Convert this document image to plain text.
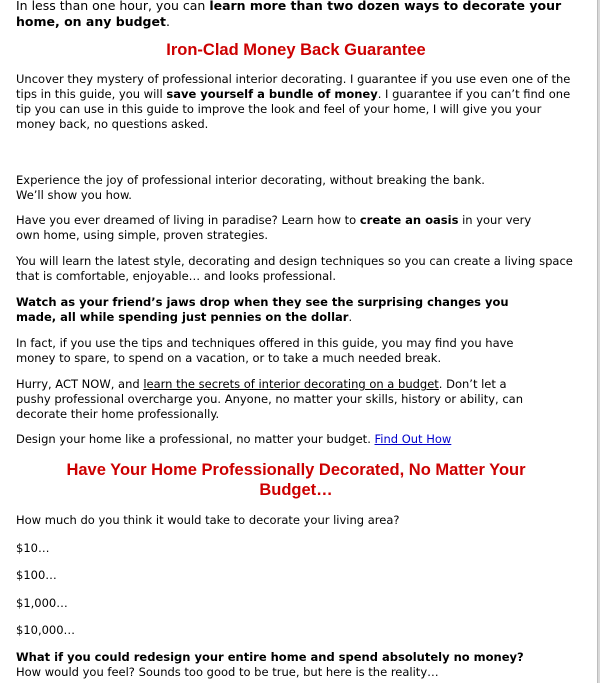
In less than one hour, you can learn more than two dozen ways to decorate your home, on any budget.

Iron-Clad Money Back Guarantee

Uncover they mystery of professional interior decorating. I guarantee if you use even one of the tips in this guide, you will save yourself a bundle of money. I guarantee if you can’t find one tip you can use in this guide to improve the look and feel of your home, I will give you your money back, no questions asked.

Experience the joy of professional interior decorating, without breaking the bank. We’ll show you how.

Have you ever dreamed of living in paradise? Learn how to create an oasis in your very own home, using simple, proven strategies.

You will learn the latest style, decorating and design techniques so you can create a living space that is comfortable, enjoyable… and looks professional.

Watch as your friend’s jaws drop when they see the surprising changes you made, all while spending just pennies on the dollar.

In fact, if you use the tips and techniques offered in this guide, you may find you have money to spare, to spend on a vacation, or to take a much needed break.

Hurry, ACT NOW, and learn the secrets of interior decorating on a budget. Don’t let a pushy professional overcharge you. Anyone, no matter your skills, history or ability, can decorate their home professionally.

Design your home like a professional, no matter your budget. Find Out How

Have Your Home Professionally Decorated, No Matter Your Budget…

How much do you think it would take to decorate your living area?

$10…

$100…

$1,000…

$10,000…

What if you could redesign your entire home and spend absolutely no money? How would you feel? Sounds too good to be true, but here is the reality…
